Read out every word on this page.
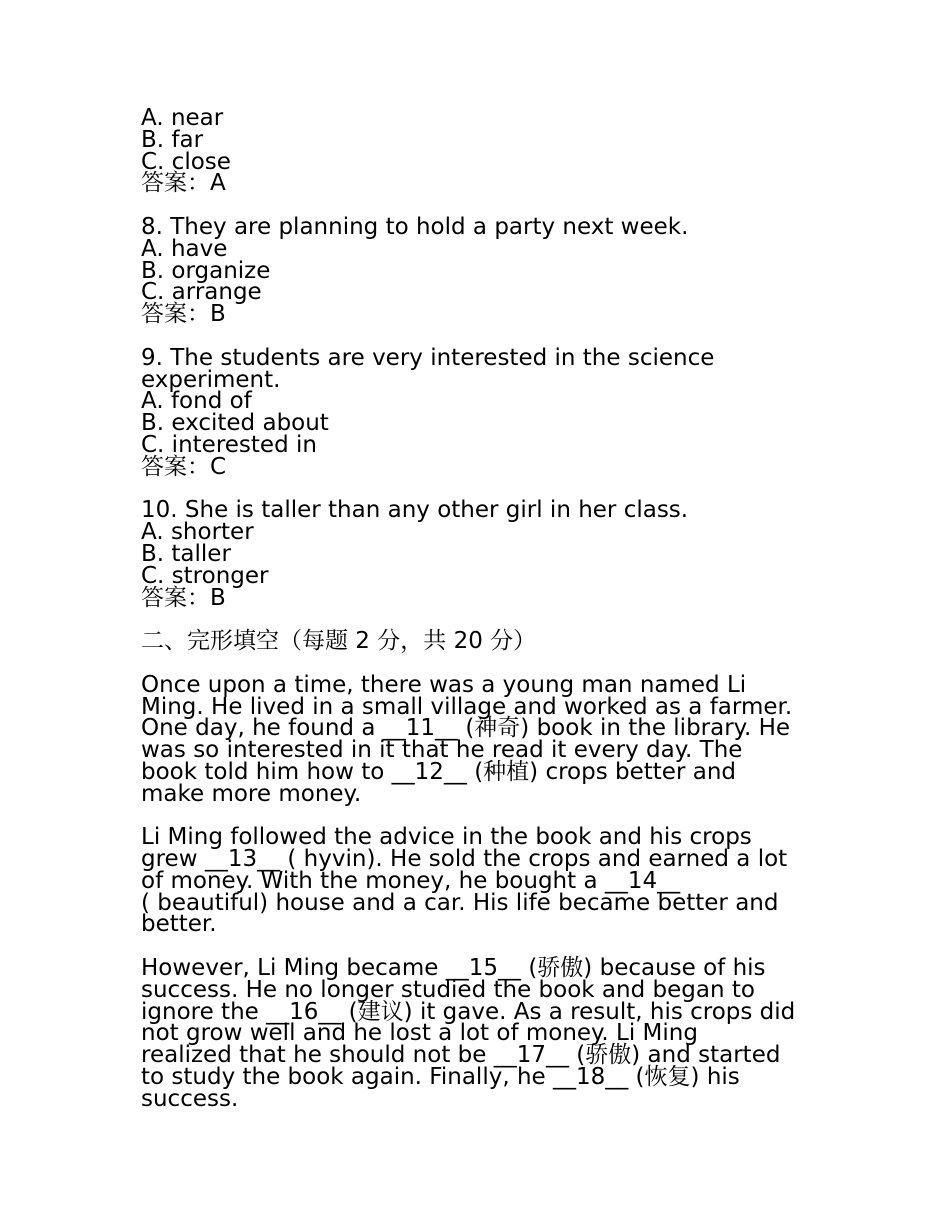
A. near
B. far
C. close
答案：A
8. They are planning to hold a party next week.
A. have
B. organize
C. arrange
答案：B
9. The students are very interested in the science
experiment.
A. fond of
B. excited about
C. interested in
答案：C
10. She is taller than any other girl in her class.
A. shorter
B. taller
C. stronger
答案：B
二、完形填空（每题 2 分，共 20 分）
Once upon a time, there was a young man named Li
Ming. He lived in a small village and worked as a farmer.
One day, he found a __11__ (神奇) book in the library. He
was so interested in it that he read it every day. The
book told him how to __12__ (种植) crops better and
make more money.
Li Ming followed the advice in the book and his crops
grew __13__ ( hyvin). He sold the crops and earned a lot
of money. With the money, he bought a __14__
( beautiful) house and a car. His life became better and
better.
However, Li Ming became __15__ (骄傲) because of his
success. He no longer studied the book and began to
ignore the __16__ (建议) it gave. As a result, his crops did
not grow well and he lost a lot of money. Li Ming
realized that he should not be __17__ (骄傲) and started
to study the book again. Finally, he __18__ (恢复) his
success.
